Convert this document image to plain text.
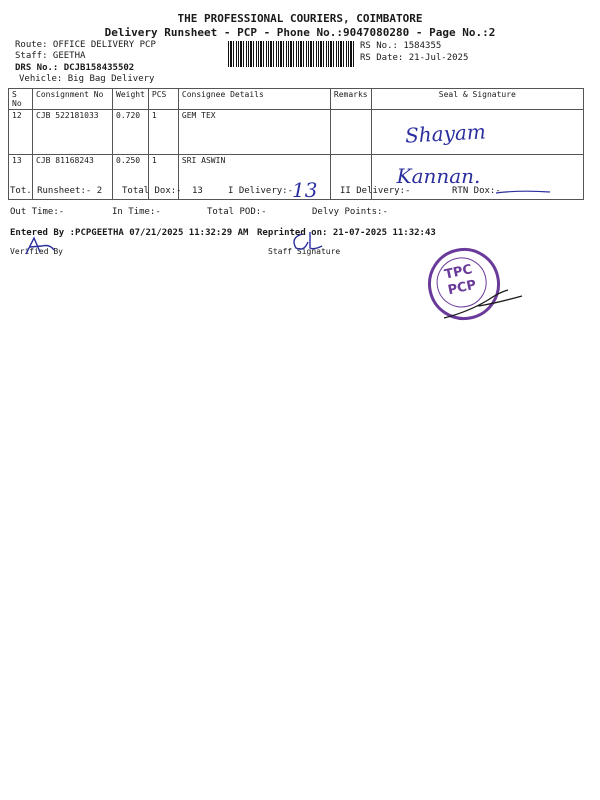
THE PROFESSIONAL COURIERS, COIMBATORE
Delivery Runsheet - PCP - Phone No.:9047080280 - Page No.:2
Route: OFFICE DELIVERY PCP
Staff: GEETHA
DRS No.: DCJB158435502
Vehicle: Big Bag Delivery
RS No.: 1584355
RS Date: 21-Jul-2025
S No	Consignment No	Weight	PCS	Consignee Details	Remarks	Seal & Signature
12	CJB 522181033	0.720	1	GEM TEX		Shayam

13	CJB 81168243	0.250	1	SRI ASWIN		Kannan.
Tot. Runsheet:- 2 Total Dox:- 13	I Delivery:-
13	II Delivery:-	RTN Dox:-
Out Time:-	In Time:-	Total POD:-	Delvy Points:-
Entered By :PCPGEETHA 07/21/2025 11:32:29 AM Reprinted on: 21-07-2025 11:32:43
Verified By	Staff Signature
TPC
PCP
